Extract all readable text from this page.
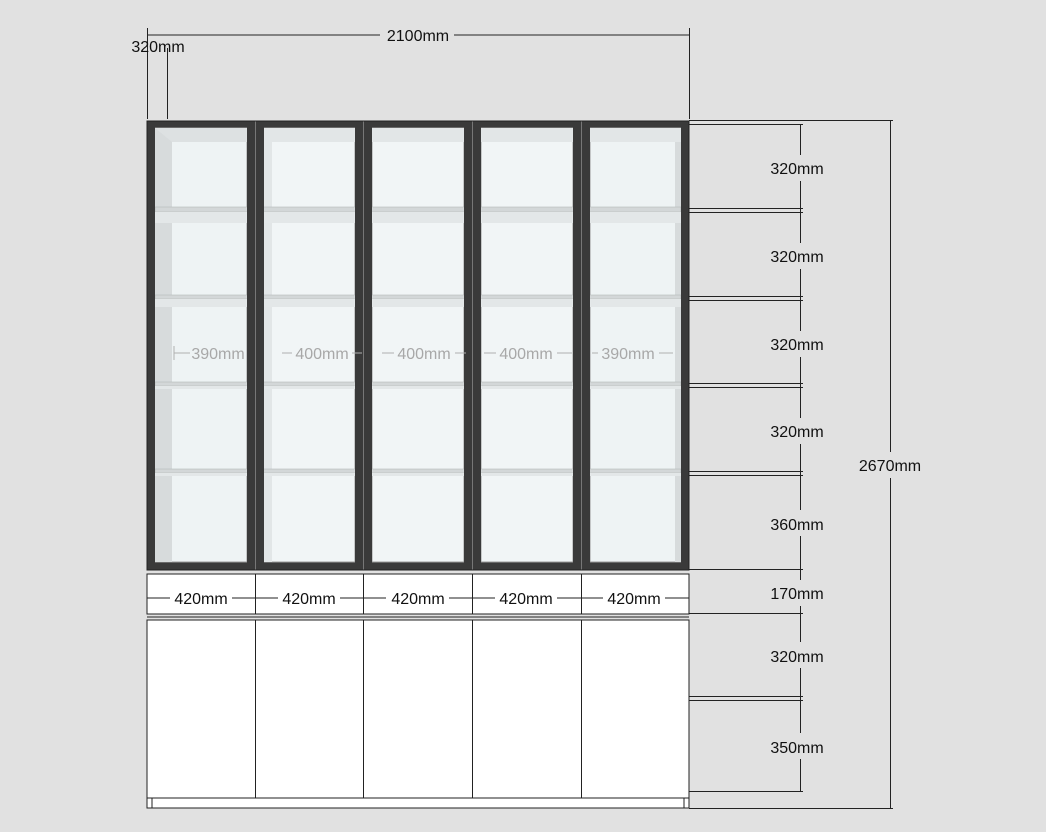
390mm	400mm	400mm	400mm	390mm
420mm	420mm	420mm	420mm	420mm
2100mm
320mm
320mm
320mm
320mm
320mm
360mm
170mm
320mm
350mm
2670mm
